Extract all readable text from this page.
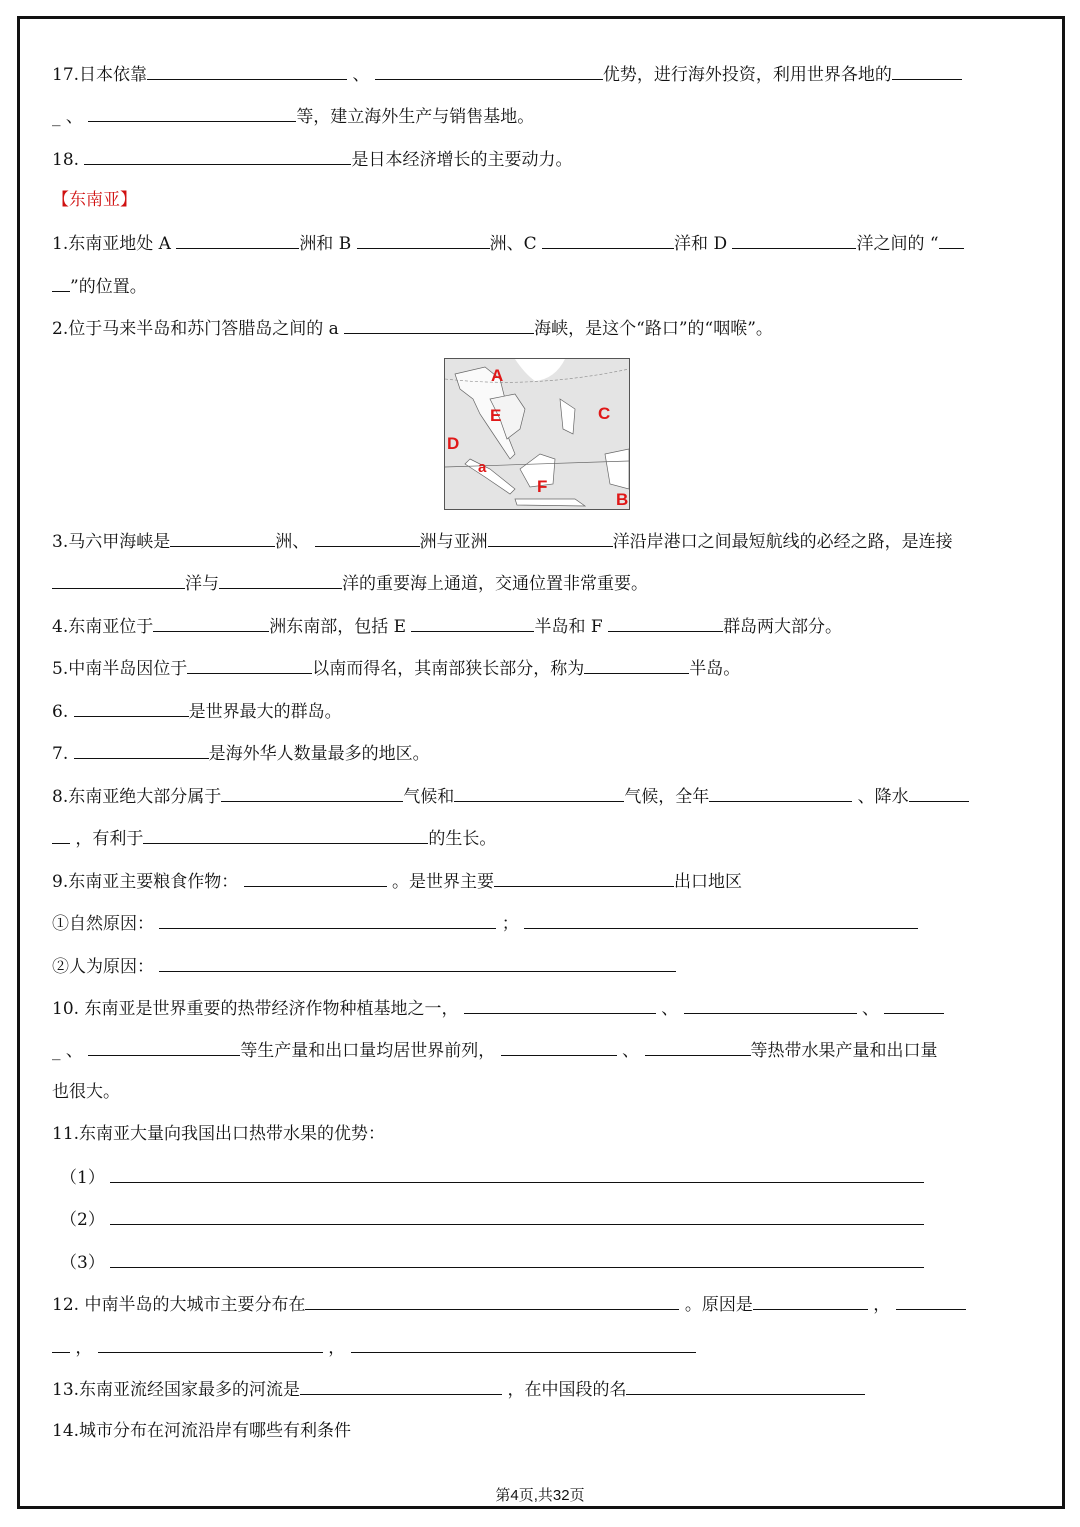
17.日本依靠	、	优势，进行海外投资，利用世界各地的
_ 、	等，建立海外生产与销售基地。
18.	是日本经济增长的主要动力。
【东南亚】
1.东南亚地处 A	洲和 B	洲、C	洋和 D	洋之间的 “
”的位置。
2.位于马来半岛和苏门答腊岛之间的 a	海峡，是这个“路口”的“咽喉”。
3.马六甲海峡是	洲、	洲与亚洲	洋沿岸港口之间最短航线的必经之路，是连接
洋与	洋的重要海上通道，交通位置非常重要。
4.东南亚位于	洲东南部，包括 E	半岛和 F	群岛两大部分。
5.中南半岛因位于	以南而得名，其南部狭长部分，称为	半岛。
6.	是世界最大的群岛。
7.	是海外华人数量最多的地区。
8.东南亚绝大部分属于	气候和	气候，全年	、降水
，有利于	的生长。
9.东南亚主要粮食作物：	。是世界主要	出口地区
①自然原因：	；
②人为原因：
10. 东南亚是世界重要的热带经济作物种植基地之一，	、	、
_ 、	等生产量和出口量均居世界前列，	、	等热带水果产量和出口量
也很大。
11.东南亚大量向我国出口热带水果的优势：
（1）
（2）
（3）
12. 中南半岛的大城市主要分布在	。原因是	，
，	，
13.东南亚流经国家最多的河流是	，在中国段的名
14.城市分布在河流沿岸有哪些有利条件
A
E	C
D
a
F
B
第4页,共32页
